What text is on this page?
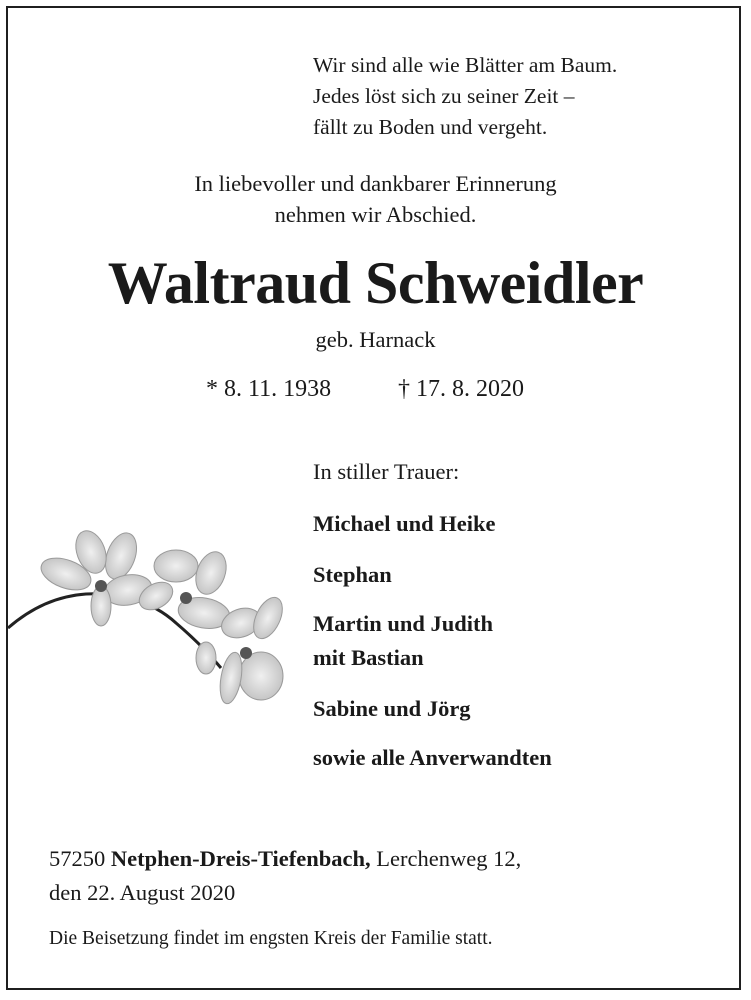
Wir sind alle wie Blätter am Baum.
Jedes löst sich zu seiner Zeit –
fällt zu Boden und vergeht.
In liebevoller und dankbarer Erinnerung
nehmen wir Abschied.
Waltraud Schweidler
geb. Harnack
* 8. 11. 1938	† 17. 8. 2020
In stiller Trauer:
Michael und Heike
Stephan
Martin und Judith
mit Bastian
Sabine und Jörg
sowie alle Anverwandten
57250 Netphen-Dreis-Tiefenbach, Lerchenweg 12,
den 22. August 2020
Die Beisetzung findet im engsten Kreis der Familie statt.
